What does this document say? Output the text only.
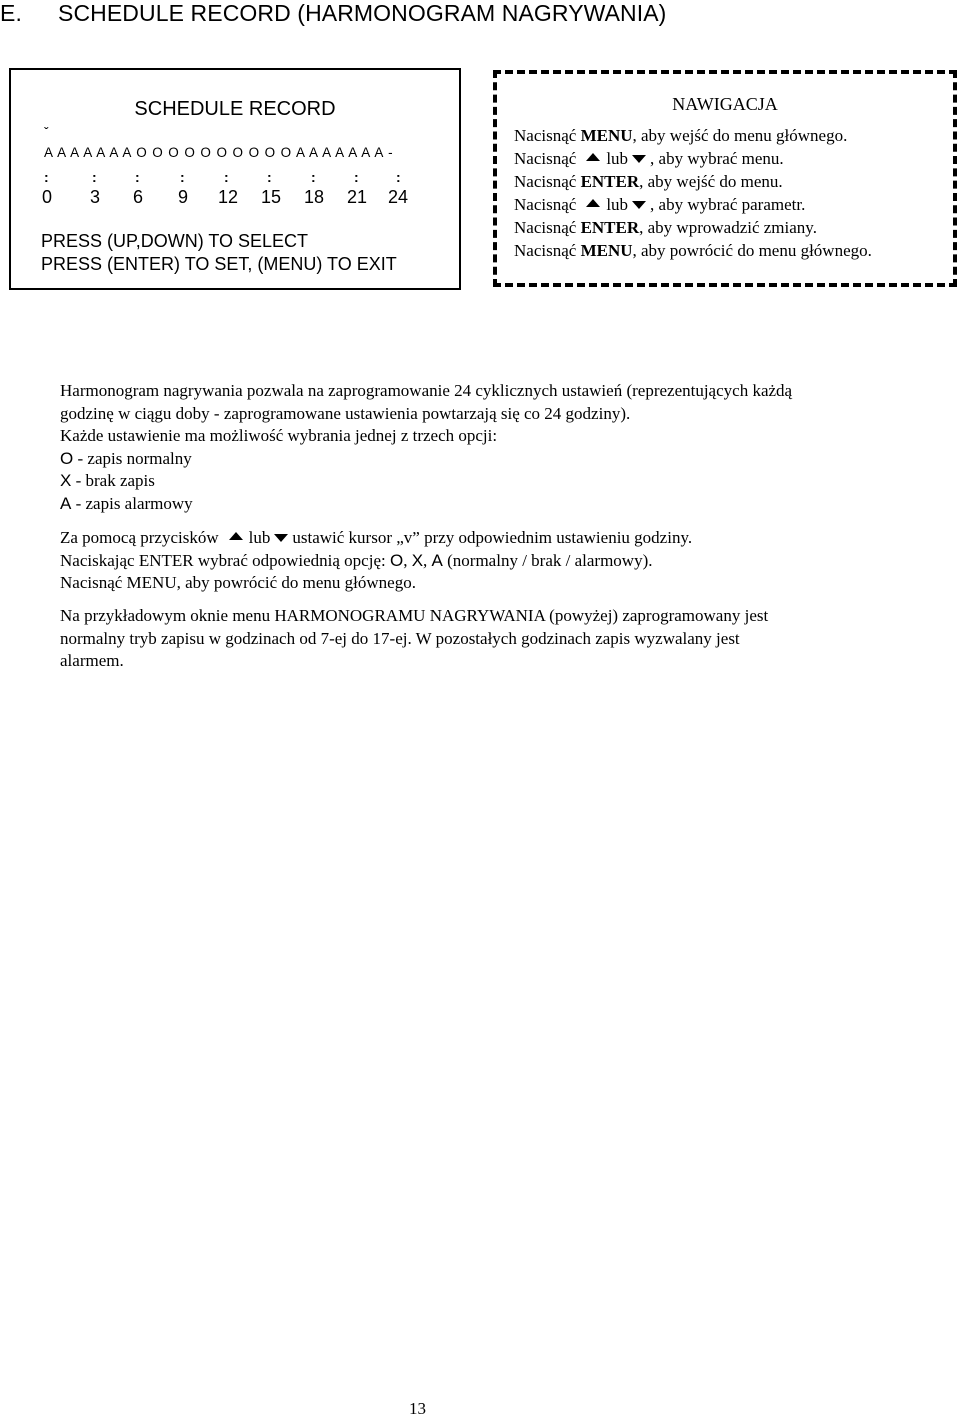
E. SCHEDULE RECORD (HARMONOGRAM NAGRYWANIA)
SCHEDULE RECORD
ˇ
A A A A A A A O O O O O O O O O O A A A A A A A -
:	:	:	:	:	:	:	:	:
0 3 6 9 12 15 18 21 24
PRESS (UP,DOWN) TO SELECT
PRESS (ENTER) TO SET, (MENU) TO EXIT
NAWIGACJA
Nacisnąć MENU, aby wejść do menu głównego.
Nacisnąć lub , aby wybrać menu.
Nacisnąć ENTER, aby wejść do menu.
Nacisnąć lub , aby wybrać parametr.
Nacisnąć ENTER, aby wprowadzić zmiany.
Nacisnąć MENU, aby powrócić do menu głównego.
Harmonogram nagrywania pozwala na zaprogramowanie 24 cyklicznych ustawień (reprezentujących każdą
godzinę w ciągu doby - zaprogramowane ustawienia powtarzają się co 24 godziny).
Każde ustawienie ma możliwość wybrania jednej z trzech opcji:
O - zapis normalny
X - brak zapis
A - zapis alarmowy
Za pomocą przycisków lub ustawić kursor „v” przy odpowiednim ustawieniu godziny.
Naciskając ENTER wybrać odpowiednią opcję: O, X, A (normalny / brak / alarmowy).
Nacisnąć MENU, aby powrócić do menu głównego.
Na przykładowym oknie menu HARMONOGRAMU NAGRYWANIA (powyżej) zaprogramowany jest
normalny tryb zapisu w godzinach od 7-ej do 17-ej. W pozostałych godzinach zapis wyzwalany jest
alarmem.
13
